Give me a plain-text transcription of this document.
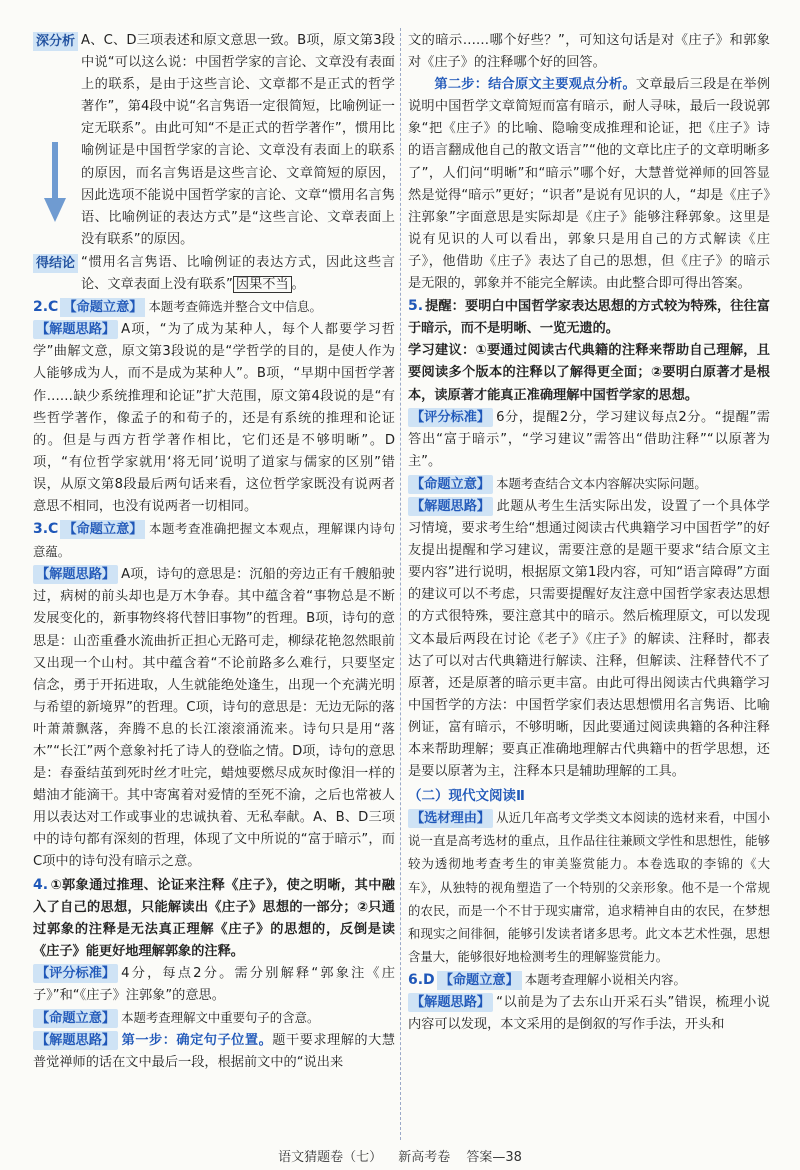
深分析 A、C、D三项表述和原文意思一致。B项，原文第3段中说“可以这么说：中国哲学家的言论、文章没有表面上的联系，是由于这些言论、文章都不是正式的哲学著作”，第4段中说“名言隽语一定很简短，比喻例证一定无联系”。由此可知“不是正式的哲学著作”，惯用比喻例证是中国哲学家的言论、文章没有表面上的联系的原因，而名言隽语是这些言论、文章简短的原因，因此选项不能说中国哲学家的言论、文章“惯用名言隽语、比喻例证的表达方式”是“这些言论、文章表面上没有联系”的原因。

得结论 “惯用名言隽语、比喻例证的表达方式，因此这些言论、文章表面上没有联系” 因果不当 。

2.C 【命题立意】 本题考查筛选并整合文中信息。

【解题思路】 A项，“为了成为某种人，每个人都要学习哲学”曲解文意，原文第3段说的是“学哲学的目的，是使人作为人能够成为人，而不是成为某种人”。B项，“早期中国哲学著作……缺少系统推理和论证”扩大范围，原文第4段说的是“有些哲学著作，像孟子的和荀子的，还是有系统的推理和论证的。但是与西方哲学著作相比，它们还是不够明晰”。D项，“有位哲学家就用‘将无同’说明了道家与儒家的区别”错误，从原文第8段最后两句话来看，这位哲学家既没有说两者意思不相同，也没有说两者一切相同。

3.C 【命题立意】 本题考查准确把握文本观点，理解课内诗句意蕴。

【解题思路】 A项，诗句的意思是：沉船的旁边正有千艘船驶过，病树的前头却也是万木争春。其中蕴含着“事物总是不断发展变化的，新事物终将代替旧事物”的哲理。B项，诗句的意思是：山峦重叠水流曲折正担心无路可走，柳绿花艳忽然眼前又出现一个山村。其中蕴含着“不论前路多么难行，只要坚定信念，勇于开拓进取，人生就能绝处逢生，出现一个充满光明与希望的新境界”的哲理。C项，诗句的意思是：无边无际的落叶萧萧飘落，奔腾不息的长江滚滚涌流来。诗句只是用“落木”“长江”两个意象衬托了诗人的登临之情。D项，诗句的意思是：春蚕结茧到死时丝才吐完，蜡烛要燃尽成灰时像泪一样的蜡油才能滴干。其中寄寓着对爱情的至死不渝，之后也常被人用以表达对工作或事业的忠诚执着、无私奉献。A、B、D三项中的诗句都有深刻的哲理，体现了文中所说的“富于暗示”，而C项中的诗句没有暗示之意。

4. ①郭象通过推理、论证来注释《庄子》，使之明晰，其中融入了自己的思想，只能解读出《庄子》思想的一部分；②只通过郭象的注释是无法真正理解《庄子》的思想的，反倒是读《庄子》能更好地理解郭象的注释。

【评分标准】 4分，每点2分。需分别解释“郭象注《庄子》”和“《庄子》注郭象”的意思。

【命题立意】 本题考查理解文中重要句子的含意。

【解题思路】 第一步：确定句子位置。题干要求理解的大慧普觉禅师的话在文中最后一段，根据前文中的“说出来

文的暗示……哪个好些？”，可知这句话是对《庄子》和郭象对《庄子》的注释哪个好的回答。

第二步：结合原文主要观点分析。文章最后三段是在举例说明中国哲学文章简短而富有暗示，耐人寻味，最后一段说郭象“把《庄子》的比喻、隐喻变成推理和论证，把《庄子》诗的语言翻成他自己的散文语言”“他的文章比庄子的文章明晰多了”，人们问“明晰”和“暗示”哪个好，大慧普觉禅师的回答显然是觉得“暗示”更好；“识者”是说有见识的人，“却是《庄子》注郭象”字面意思是实际却是《庄子》能够注释郭象。这里是说有见识的人可以看出，郭象只是用自己的方式解读《庄子》，他借助《庄子》表达了自己的思想，但《庄子》的暗示是无限的，郭象并不能完全解读。由此整合即可得出答案。

5. 提醒：要明白中国哲学家表达思想的方式较为特殊，往往富于暗示，而不是明晰、一览无遗的。

学习建议：①要通过阅读古代典籍的注释来帮助自己理解，且要阅读多个版本的注释以了解得更全面；②要明白原著才是根本，读原著才能真正准确理解中国哲学家的思想。

【评分标准】 6分，提醒2分，学习建议每点2分。“提醒”需答出“富于暗示”，“学习建议”需答出“借助注释”“以原著为主”。

【命题立意】 本题考查结合文本内容解决实际问题。

【解题思路】 此题从考生生活实际出发，设置了一个具体学习情境，要求考生给“想通过阅读古代典籍学习中国哲学”的好友提出提醒和学习建议，需要注意的是题干要求“结合原文主要内容”进行说明，根据原文第1段内容，可知“语言障碍”方面的建议可以不考虑，只需要提醒好友注意中国哲学家表达思想的方式很特殊，要注意其中的暗示。然后梳理原文，可以发现文本最后两段在讨论《老子》《庄子》的解读、注释时，都表达了可以对古代典籍进行解读、注释，但解读、注释替代不了原著，还是原著的暗示更丰富。由此可得出阅读古代典籍学习中国哲学的方法：中国哲学家们表达思想惯用名言隽语、比喻例证，富有暗示，不够明晰，因此要通过阅读典籍的各种注释本来帮助理解；要真正准确地理解古代典籍中的哲学思想，还是要以原著为主，注释本只是辅助理解的工具。

（二）现代文阅读Ⅱ

【选材理由】 从近几年高考文学类文本阅读的选材来看，中国小说一直是高考选材的重点，且作品往往兼顾文学性和思想性，能够较为透彻地考查考生的审美鉴赏能力。本卷选取的李锦的《大车》，从独特的视角塑造了一个特别的父亲形象。他不是一个常规的农民，而是一个不甘于现实庸常，追求精神自由的农民，在梦想和现实之间徘徊，能够引发读者诸多思考。此文本艺术性强，思想含量大，能够很好地检测考生的理解鉴赏能力。

6.D 【命题立意】 本题考查理解小说相关内容。

【解题思路】 “以前是为了去东山开采石头”错误，梳理小说内容可以发现，本文采用的是倒叙的写作手法，开头和

语文猜题卷（七） 新高考卷 答案—38
